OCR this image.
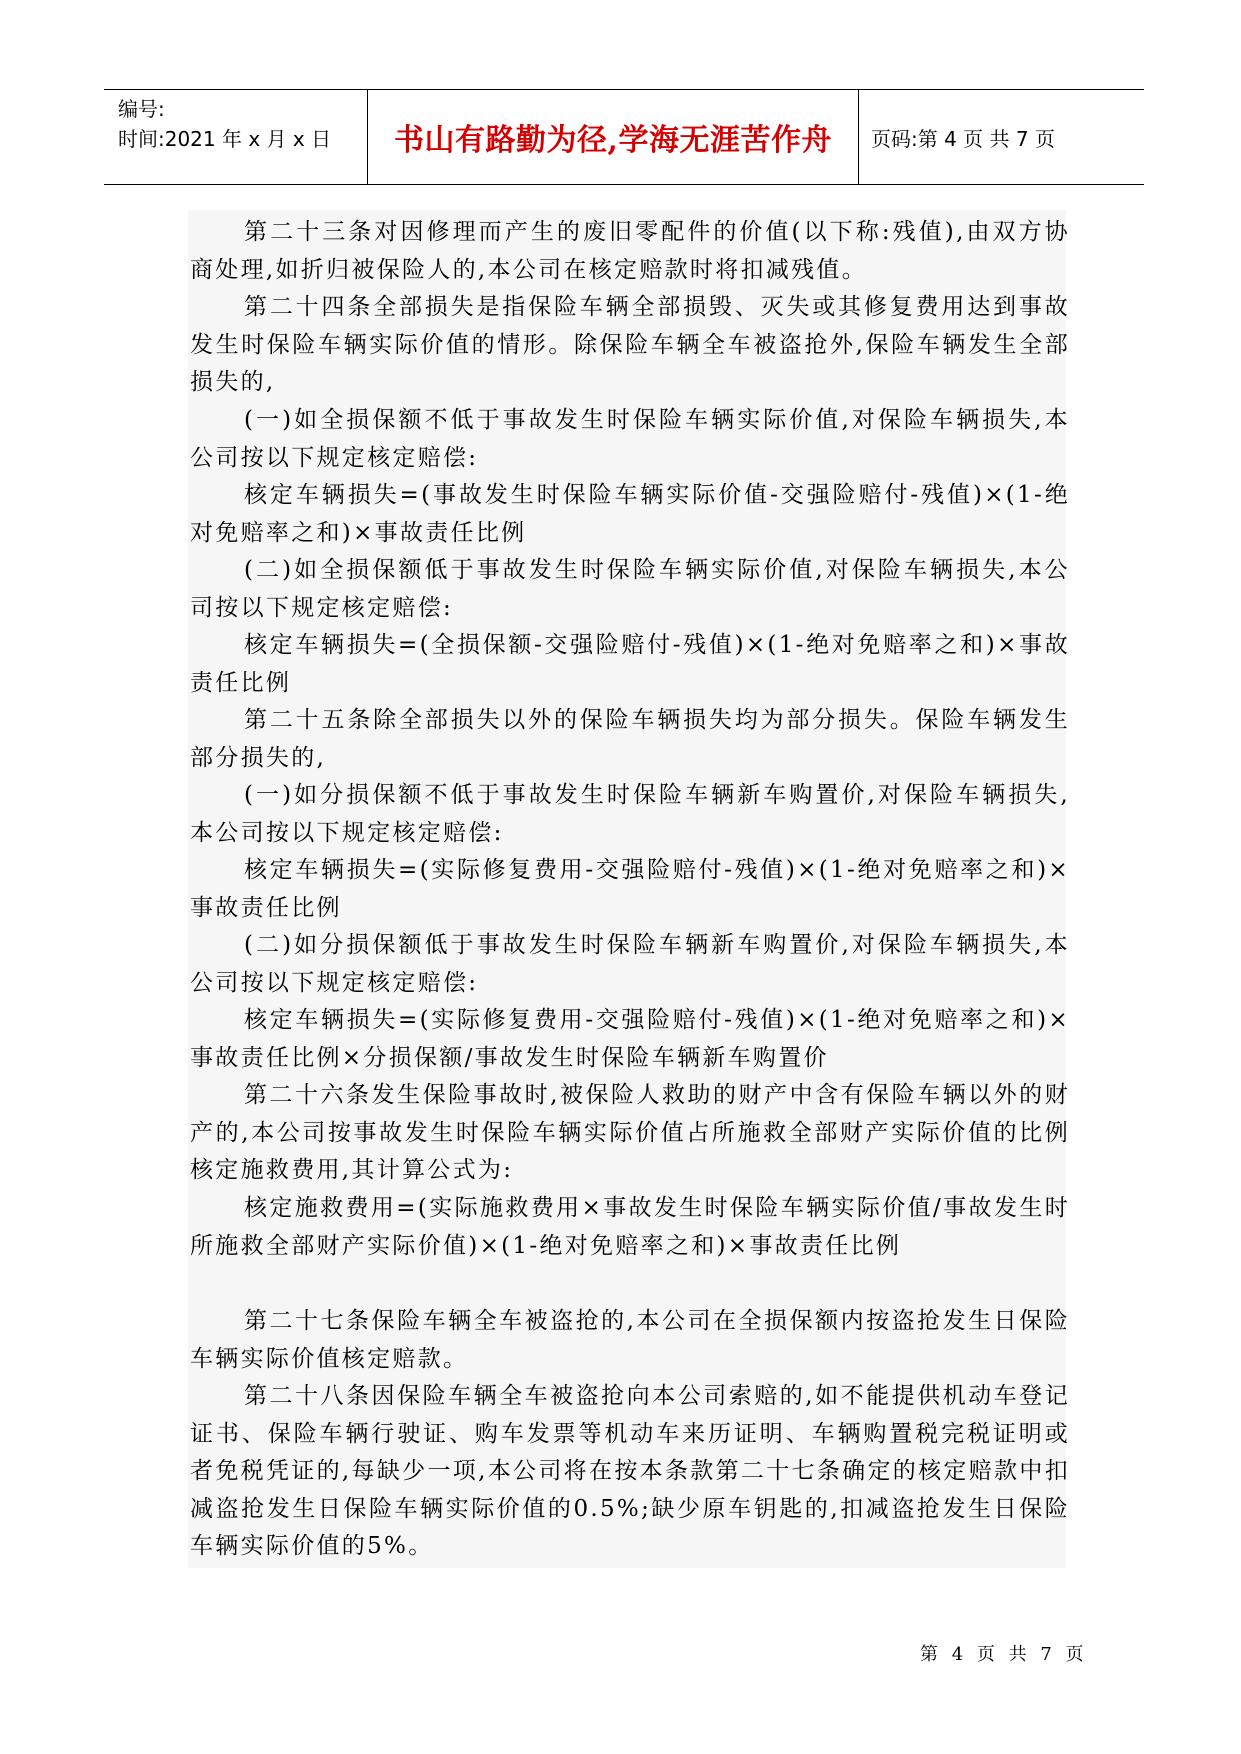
编号:
时间:2021 年 x 月 x 日	书山有路勤为径,学海无涯苦作舟	页码:第 4 页 共 7 页

第二十三条对因修理而产生的废旧零配件的价值(以下称:残值),由双方协商处理,如折归被保险人的,本公司在核定赔款时将扣减残值。

第二十四条全部损失是指保险车辆全部损毁、灭失或其修复费用达到事故发生时保险车辆实际价值的情形。除保险车辆全车被盗抢外,保险车辆发生全部损失的,

(一)如全损保额不低于事故发生时保险车辆实际价值,对保险车辆损失,本公司按以下规定核定赔偿:

核定车辆损失=(事故发生时保险车辆实际价值-交强险赔付-残值)×(1-绝对免赔率之和)×事故责任比例

(二)如全损保额低于事故发生时保险车辆实际价值,对保险车辆损失,本公司按以下规定核定赔偿:

核定车辆损失=(全损保额-交强险赔付-残值)×(1-绝对免赔率之和)×事故责任比例

第二十五条除全部损失以外的保险车辆损失均为部分损失。保险车辆发生部分损失的,

(一)如分损保额不低于事故发生时保险车辆新车购置价,对保险车辆损失,本公司按以下规定核定赔偿:

核定车辆损失=(实际修复费用-交强险赔付-残值)×(1-绝对免赔率之和)×事故责任比例

(二)如分损保额低于事故发生时保险车辆新车购置价,对保险车辆损失,本公司按以下规定核定赔偿:

核定车辆损失=(实际修复费用-交强险赔付-残值)×(1-绝对免赔率之和)×事故责任比例×分损保额/事故发生时保险车辆新车购置价

第二十六条发生保险事故时,被保险人救助的财产中含有保险车辆以外的财产的,本公司按事故发生时保险车辆实际价值占所施救全部财产实际价值的比例核定施救费用,其计算公式为:

核定施救费用=(实际施救费用×事故发生时保险车辆实际价值/事故发生时所施救全部财产实际价值)×(1-绝对免赔率之和)×事故责任比例

第二十七条保险车辆全车被盗抢的,本公司在全损保额内按盗抢发生日保险车辆实际价值核定赔款。

第二十八条因保险车辆全车被盗抢向本公司索赔的,如不能提供机动车登记证书、保险车辆行驶证、购车发票等机动车来历证明、车辆购置税完税证明或者免税凭证的,每缺少一项,本公司将在按本条款第二十七条确定的核定赔款中扣减盗抢发生日保险车辆实际价值的0.5%;缺少原车钥匙的,扣减盗抢发生日保险车辆实际价值的5%。

第 4 页 共 7 页
